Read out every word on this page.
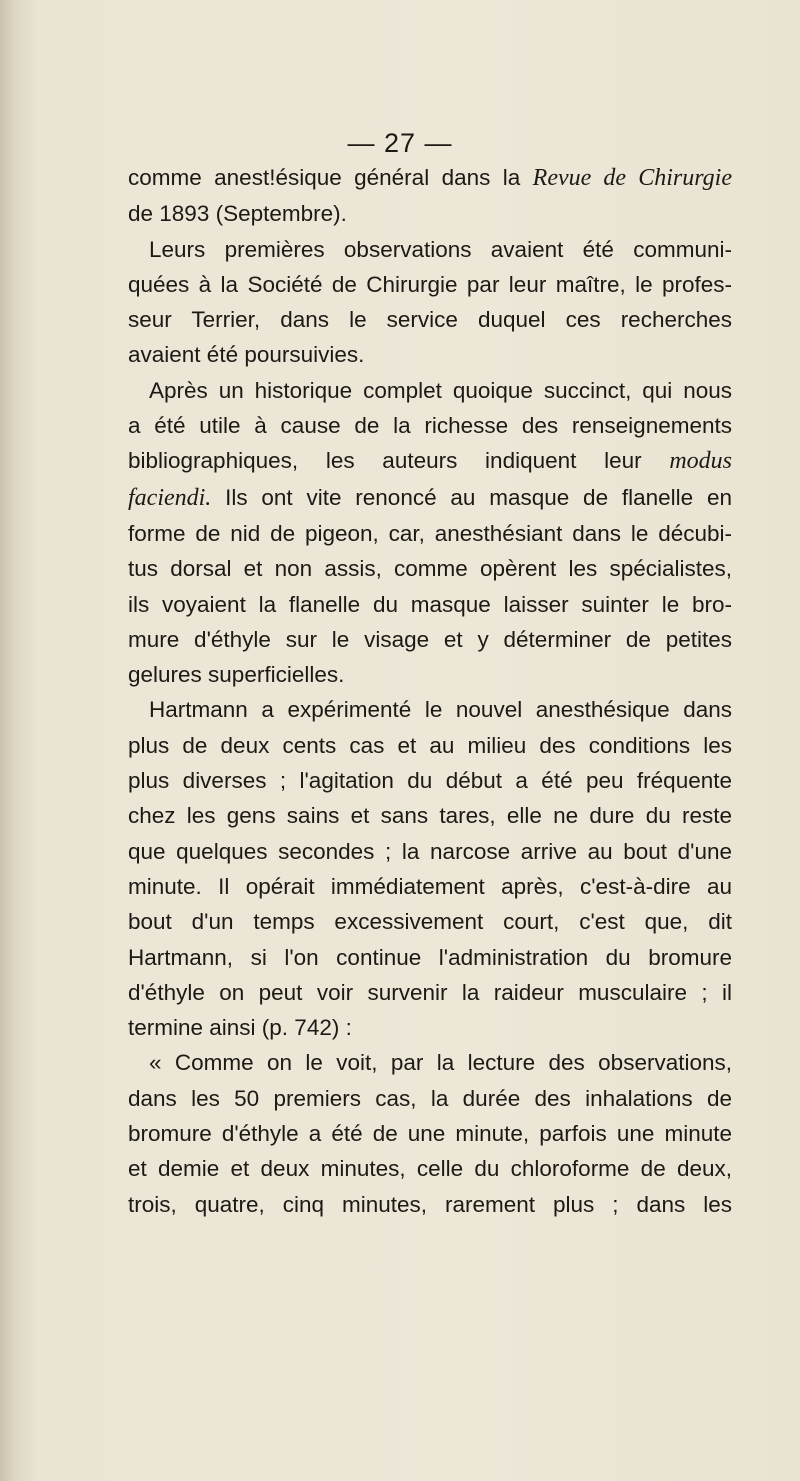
— 27 —
comme anest!ésique général dans la Revue de Chirurgie
de 1893 (Septembre).
Leurs premières observations avaient été communi-
quées à la Société de Chirurgie par leur maître, le profes-
seur Terrier, dans le service duquel ces recherches
avaient été poursuivies.
Après un historique complet quoique succinct, qui nous
a été utile à cause de la richesse des renseignements
bibliographiques, les auteurs indiquent leur modus
faciendi. Ils ont vite renoncé au masque de flanelle en
forme de nid de pigeon, car, anesthésiant dans le décubi-
tus dorsal et non assis, comme opèrent les spécialistes,
ils voyaient la flanelle du masque laisser suinter le bro-
mure d'éthyle sur le visage et y déterminer de petites
gelures superficielles.
Hartmann a expérimenté le nouvel anesthésique dans
plus de deux cents cas et au milieu des conditions les
plus diverses ; l'agitation du début a été peu fréquente
chez les gens sains et sans tares, elle ne dure du reste
que quelques secondes ; la narcose arrive au bout d'une
minute. Il opérait immédiatement après, c'est-à-dire au
bout d'un temps excessivement court, c'est que, dit
Hartmann, si l'on continue l'administration du bromure
d'éthyle on peut voir survenir la raideur musculaire ; il
termine ainsi (p. 742) :
« Comme on le voit, par la lecture des observations,
dans les 50 premiers cas, la durée des inhalations de
bromure d'éthyle a été de une minute, parfois une minute
et demie et deux minutes, celle du chloroforme de deux,
trois, quatre, cinq minutes, rarement plus ; dans les
